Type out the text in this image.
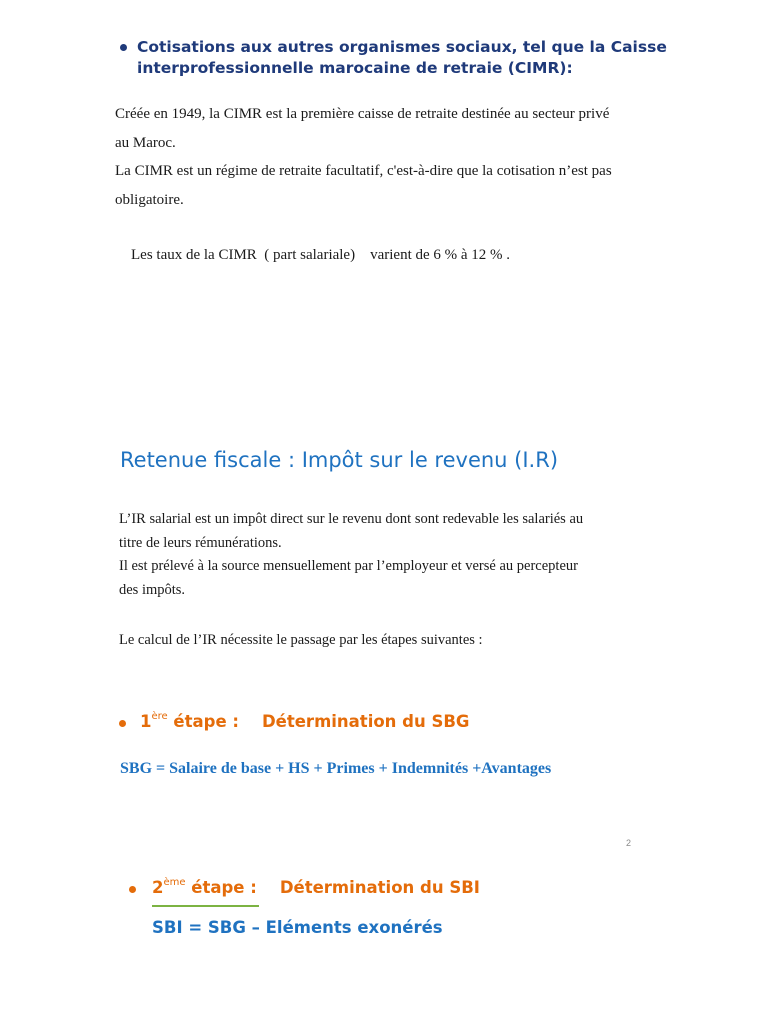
Cotisations aux autres organismes sociaux, tel que la Caisse
interprofessionnelle marocaine de retraie (CIMR):
Créée en 1949, la CIMR est la première caisse de retraite destinée au secteur privé
au Maroc.
La CIMR est un régime de retraite facultatif, c'est-à-dire que la cotisation n’est pas
obligatoire.
Les taux de la CIMR  ( part salariale)    varient de 6 % à 12 % .
Retenue fiscale : Impôt sur le revenu (I.R)

L’IR salarial est un impôt direct sur le revenu dont sont redevable les salariés au

titre de leurs rémunérations.

Il est prélevé à la source mensuellement par l’employeur et versé au percepteur

des impôts.

Le calcul de l’IR nécessite le passage par les étapes suivantes :
1ère étape :    Détermination du SBG
SBG = Salaire de base + HS + Primes + Indemnités +Avantages
2
2ème étape :    Détermination du SBI
SBI = SBG – Eléments exonérés
